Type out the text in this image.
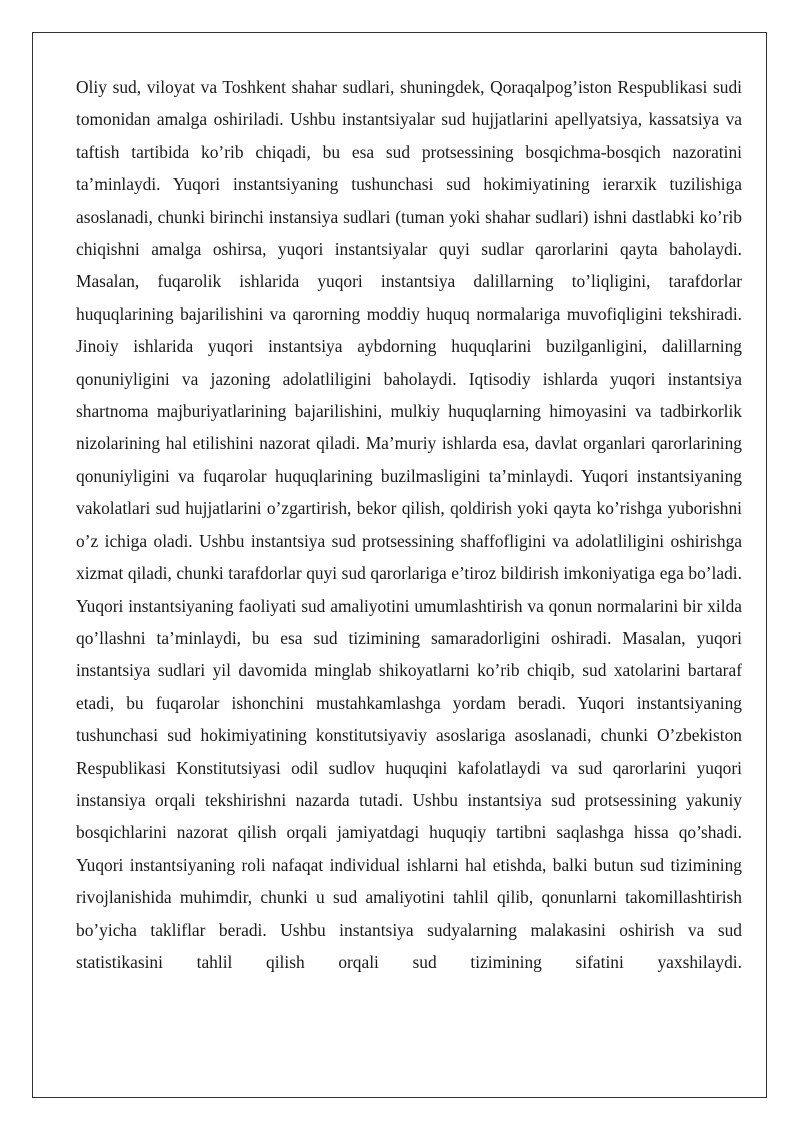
Oliy sud, viloyat va Toshkent shahar sudlari, shuningdek, Qoraqalpog’iston Respublikasi sudi tomonidan amalga oshiriladi. Ushbu instantsiyalar sud hujjatlarini apellyatsiya, kassatsiya va taftish tartibida ko’rib chiqadi, bu esa sud protsessining bosqichma-bosqich nazoratini ta’minlaydi. Yuqori instantsiyaning tushunchasi sud hokimiyatining ierarxik tuzilishiga asoslanadi, chunki birinchi instansiya sudlari (tuman yoki shahar sudlari) ishni dastlabki ko’rib chiqishni amalga oshirsa, yuqori instantsiyalar quyi sudlar qarorlarini qayta baholaydi. Masalan, fuqarolik ishlarida yuqori instantsiya dalillarning to’liqligini, tarafdorlar huquqlarining bajarilishini va qarorning moddiy huquq normalariga muvofiqligini tekshiradi. Jinoiy ishlarida yuqori instantsiya aybdorning huquqlarini buzilganligini, dalillarning qonuniyligini va jazoning adolatliligini baholaydi. Iqtisodiy ishlarda yuqori instantsiya shartnoma majburiyatlarining bajarilishini, mulkiy huquqlarning himoyasini va tadbirkorlik nizolarining hal etilishini nazorat qiladi. Ma’muriy ishlarda esa, davlat organlari qarorlarining qonuniyligini va fuqarolar huquqlarining buzilmasligini ta’minlaydi. Yuqori instantsiyaning vakolatlari sud hujjatlarini o’zgartirish, bekor qilish, qoldirish yoki qayta ko’rishga yuborishni o’z ichiga oladi. Ushbu instantsiya sud protsessining shaffofligini va adolatliligini oshirishga xizmat qiladi, chunki tarafdorlar quyi sud qarorlariga e’tiroz bildirish imkoniyatiga ega bo’ladi. Yuqori instantsiyaning faoliyati sud amaliyotini umumlashtirish va qonun normalarini bir xilda qo’llashni ta’minlaydi, bu esa sud tizimining samaradorligini oshiradi. Masalan, yuqori instantsiya sudlari yil davomida minglab shikoyatlarni ko’rib chiqib, sud xatolarini bartaraf etadi, bu fuqarolar ishonchini mustahkamlashga yordam beradi. Yuqori instantsiyaning tushunchasi sud hokimiyatining konstitutsiyaviy asoslariga asoslanadi, chunki O’zbekiston Respublikasi Konstitutsiyasi odil sudlov huquqini kafolatlaydi va sud qarorlarini yuqori instansiya orqali tekshirishni nazarda tutadi. Ushbu instantsiya sud protsessining yakuniy bosqichlarini nazorat qilish orqali jamiyatdagi huquqiy tartibni saqlashga hissa qo’shadi. Yuqori instantsiyaning roli nafaqat individual ishlarni hal etishda, balki butun sud tizimining rivojlanishida muhimdir, chunki u sud amaliyotini tahlil qilib, qonunlarni takomillashtirish bo’yicha takliflar beradi. Ushbu instantsiya sudyalarning malakasini oshirish va sud statistikasini tahlil qilish orqali sud tizimining sifatini yaxshilaydi.
